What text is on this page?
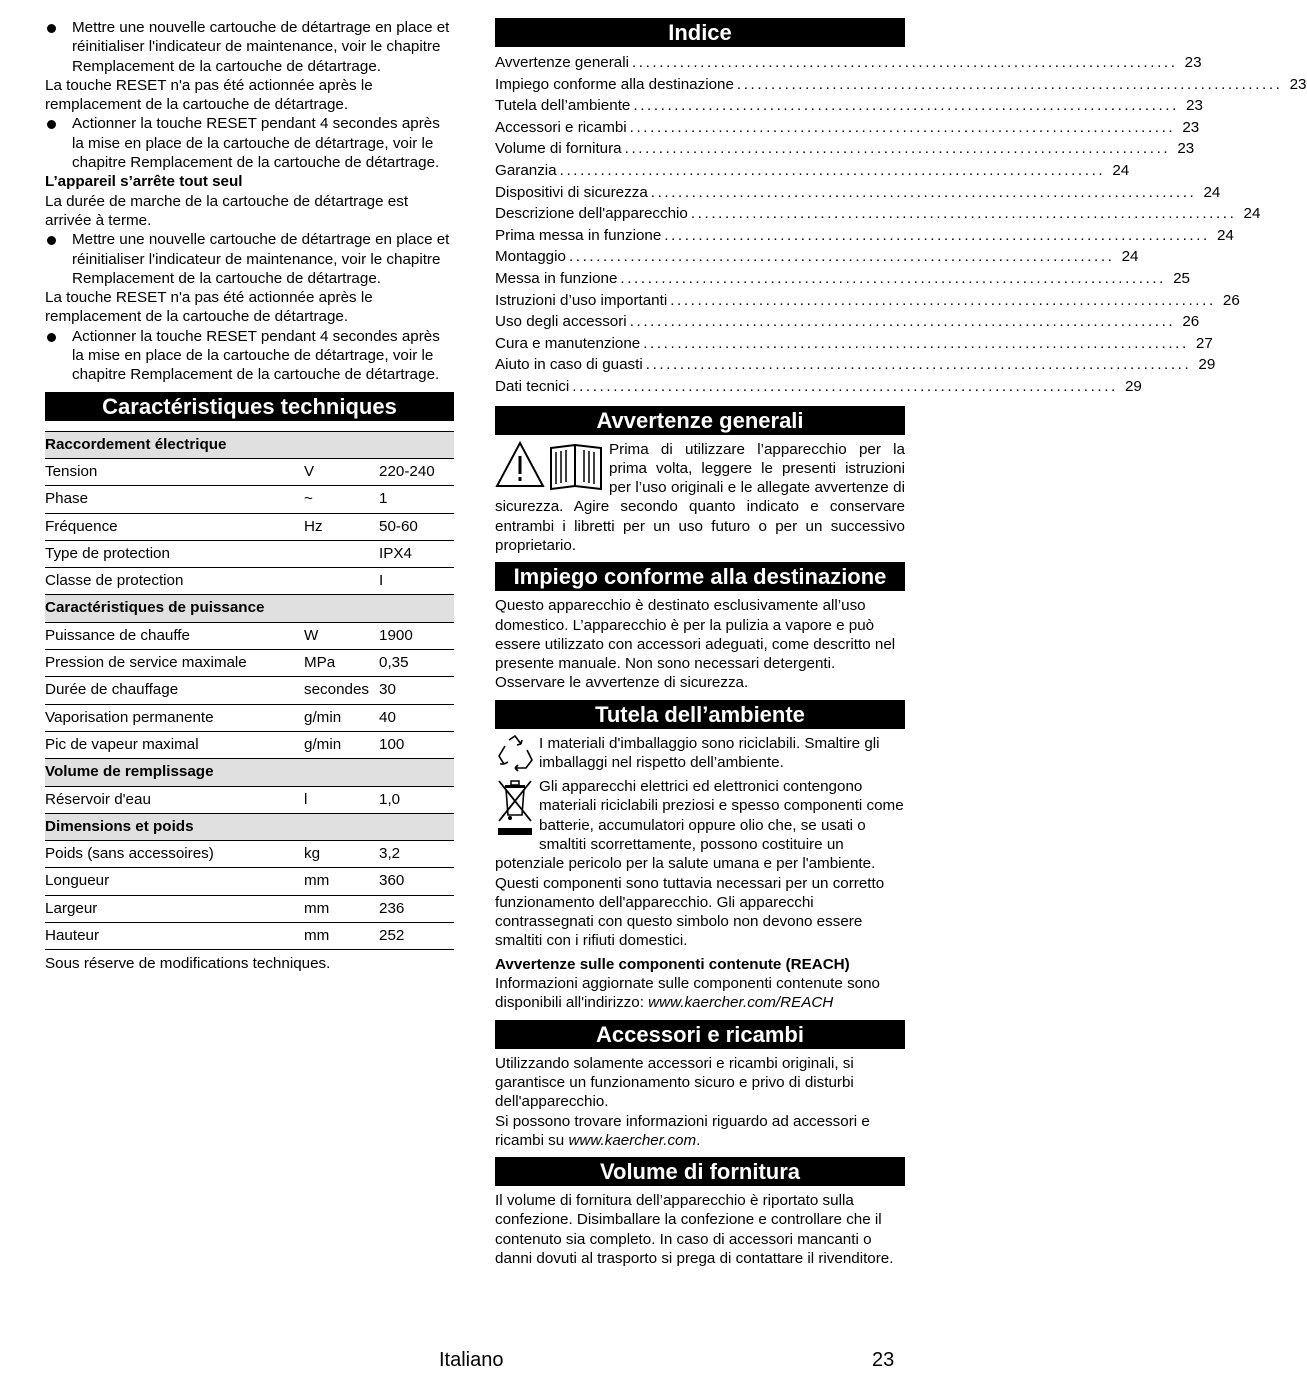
Mettre une nouvelle cartouche de détartrage en place et réinitialiser l'indicateur de maintenance, voir le chapitre Remplacement de la cartouche de détartrage.

La touche RESET n'a pas été actionnée après le remplacement de la cartouche de détartrage.

Actionner la touche RESET pendant 4 secondes après la mise en place de la cartouche de détartrage, voir le chapitre Remplacement de la cartouche de détartrage.

L’appareil s’arrête tout seul

La durée de marche de la cartouche de détartrage est arrivée à terme.

Mettre une nouvelle cartouche de détartrage en place et réinitialiser l'indicateur de maintenance, voir le chapitre Remplacement de la cartouche de détartrage.

La touche RESET n'a pas été actionnée après le remplacement de la cartouche de détartrage.

Actionner la touche RESET pendant 4 secondes après la mise en place de la cartouche de détartrage, voir le chapitre Remplacement de la cartouche de détartrage.

Caractéristiques techniques
Raccordement électrique		
Tension	V	220-240
Phase	~	1
Fréquence	Hz	50-60
Type de protection		IPX4
Classe de protection		I
Caractéristiques de puissance		
Puissance de chauffe	W	1900
Pression de service maximale	MPa	0,35
Durée de chauffage	secondes	30
Vaporisation permanente	g/min	40
Pic de vapeur maximal	g/min	100
Volume de remplissage		
Réservoir d'eau	l	1,0
Dimensions et poids		
Poids (sans accessoires)	kg	3,2
Longueur	mm	360
Largeur	mm	236
Hauteur	mm	252

Sous réserve de modifications techniques.

Indice
Avvertenze generali ................................................................................ 23
Impiego conforme alla destinazione ................................................................................ 23
Tutela dell’ambiente ................................................................................ 23
Accessori e ricambi ................................................................................ 23
Volume di fornitura ................................................................................ 23
Garanzia ................................................................................ 24
Dispositivi di sicurezza ................................................................................ 24
Descrizione dell'apparecchio ................................................................................ 24
Prima messa in funzione ................................................................................ 24
Montaggio ................................................................................ 24
Messa in funzione ................................................................................ 25
Istruzioni d’uso importanti ................................................................................ 26
Uso degli accessori ................................................................................ 26
Cura e manutenzione ................................................................................ 27
Aiuto in caso di guasti ................................................................................ 29
Dati tecnici ................................................................................ 29
Avvertenze generali

Prima di utilizzare l’apparecchio per la prima volta, leggere le presenti istruzioni per l’uso originali e le allegate avvertenze di sicurezza. Agire secondo quanto indicato e conservare entrambi i libretti per un uso futuro o per un successivo proprietario.

Impiego conforme alla destinazione

Questo apparecchio è destinato esclusivamente all’uso domestico. L’apparecchio è per la pulizia a vapore e può essere utilizzato con accessori adeguati, come descritto nel presente manuale. Non sono necessari detergenti. Osservare le avvertenze di sicurezza.

Tutela dell’ambiente

I materiali d'imballaggio sono riciclabili. Smaltire gli imballaggi nel rispetto dell’ambiente.

Gli apparecchi elettrici ed elettronici contengono materiali riciclabili preziosi e spesso componenti come batterie, accumulatori oppure olio che, se usati o smaltiti scorrettamente, possono costituire un potenziale pericolo per la salute umana e per l'ambiente. Questi componenti sono tuttavia necessari per un corretto funzionamento dell'apparecchio. Gli apparecchi contrassegnati con questo simbolo non devono essere smaltiti con i rifiuti domestici.

Avvertenze sulle componenti contenute (REACH)

Informazioni aggiornate sulle componenti contenute sono disponibili all'indirizzo: www.kaercher.com/REACH

Accessori e ricambi

Utilizzando solamente accessori e ricambi originali, si garantisce un funzionamento sicuro e privo di disturbi dell'apparecchio.

Si possono trovare informazioni riguardo ad accessori e ricambi su www.kaercher.com.

Volume di fornitura

Il volume di fornitura dell’apparecchio è riportato sulla confezione. Disimballare la confezione e controllare che il contenuto sia completo. In caso di accessori mancanti o danni dovuti al trasporto si prega di contattare il rivenditore.

Italiano	23
